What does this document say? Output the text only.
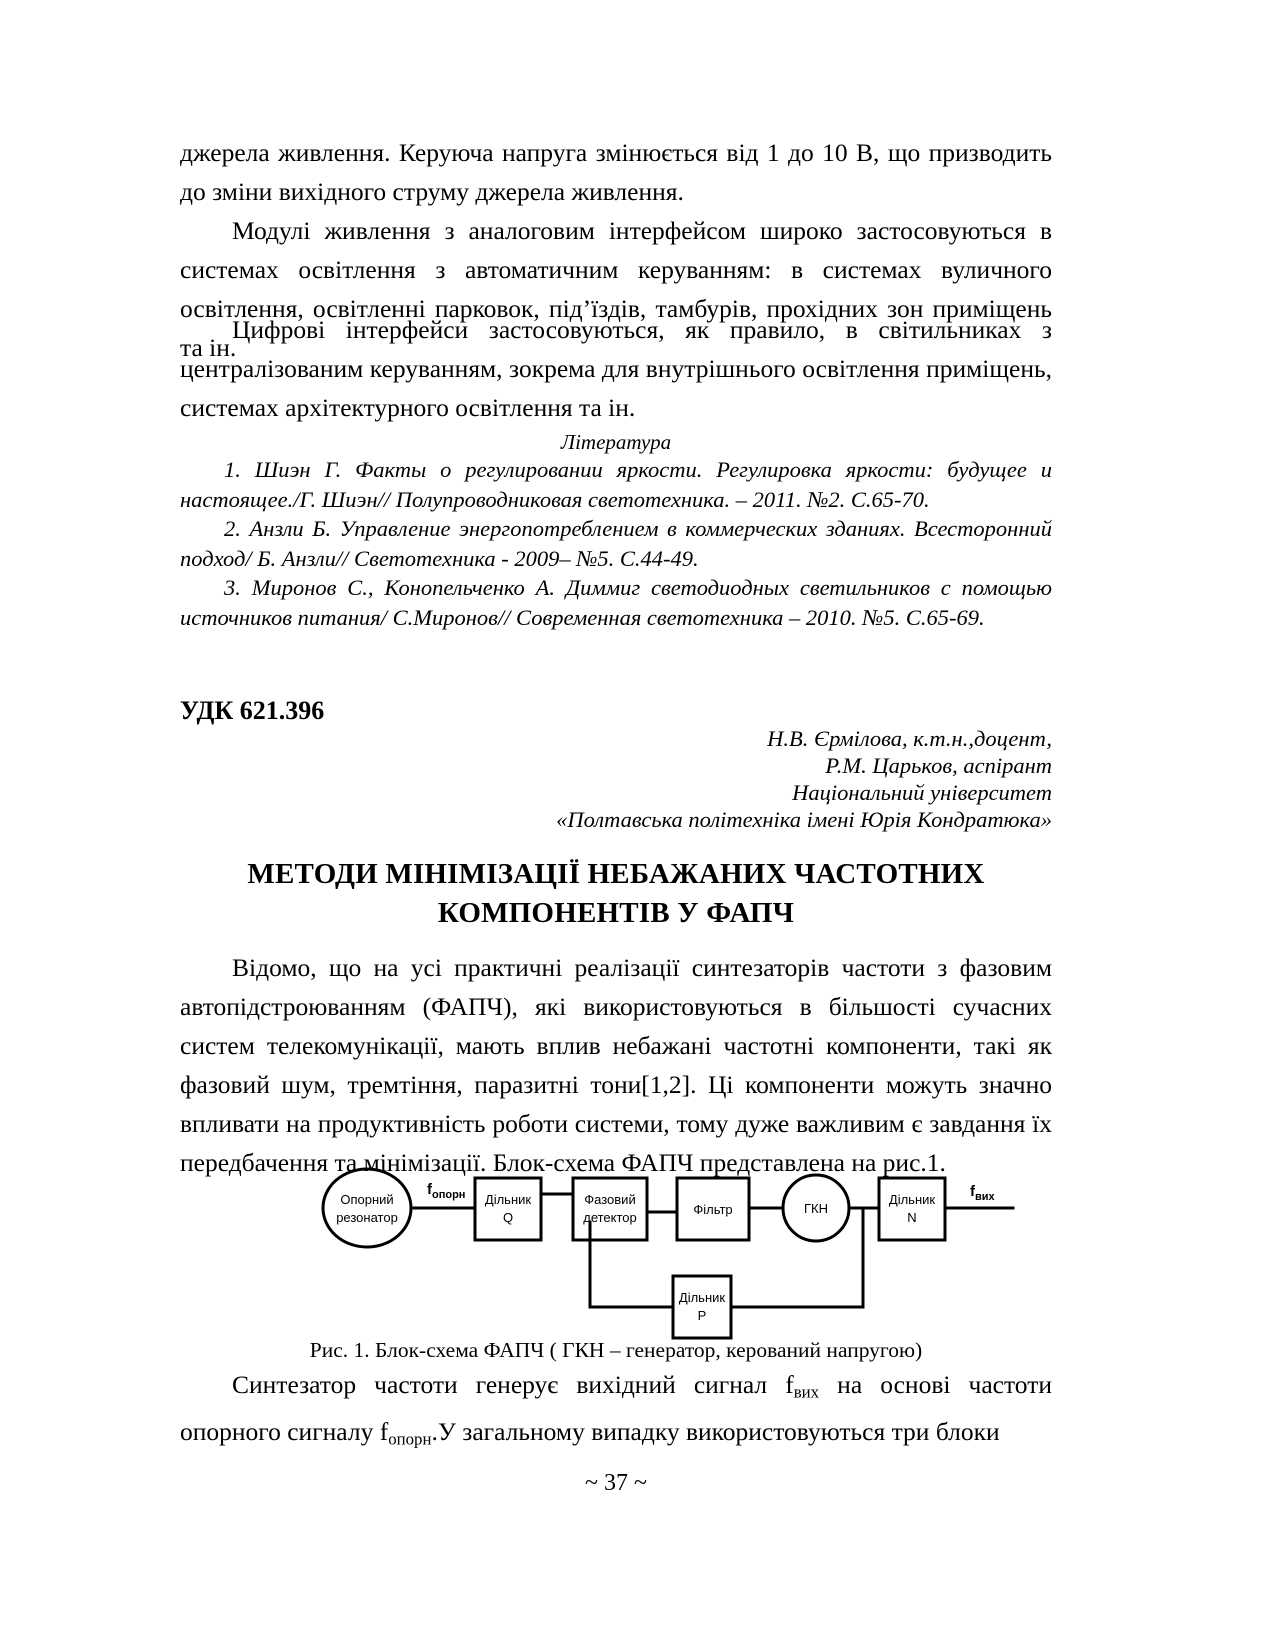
джерела живлення. Керуюча напруга змінюється від 1 до 10 В, що призводить до зміни вихідного струму джерела живлення.

Модулі живлення з аналоговим інтерфейсом широко застосовуються в системах освітлення з автоматичним керуванням: в системах вуличного освітлення, освітленні парковок, під’їздів, тамбурів, прохідних зон приміщень та ін.

Цифрові інтерфейси застосовуються, як правило, в світильниках з централізованим керуванням, зокрема для внутрішнього освітлення приміщень, системах архітектурного освітлення та ін.

Література

1. Шиэн Г. Факты о регулировании яркости. Регулировка яркости: будущее и настоящее./Г. Шиэн// Полупроводниковая светотехника. – 2011. №2. С.65-70.

2. Анзли Б. Управление энергопотреблением в коммерческих зданиях. Всесторонний подход/ Б. Анзли// Светотехника - 2009– №5. С.44-49.

3. Миронов С., Конопельченко А. Диммиг светодиодных светильников с помощью источников питания/ С.Миронов// Современная светотехника – 2010. №5. С.65-69.

УДК 621.396
Н.В. Єрмілова, к.т.н.,доцент,
Р.М. Царьков, аспірант
Національний університет
«Полтавська політехніка імені Юрія Кондратюка»
МЕТОДИ МІНІМІЗАЦІЇ НЕБАЖАНИХ ЧАСТОТНИХ
КОМПОНЕНТІВ У ФАПЧ

Відомо, що на усі практичні реалізації синтезаторів частоти з фазовим автопідстроюванням (ФАПЧ), які використовуються в більшості сучасних систем телекомунікації, мають вплив небажані частотні компоненти, такі як фазовий шум, тремтіння, паразитні тони[1,2]. Ці компоненти можуть значно впливати на продуктивність роботи системи, тому дуже важливим є завдання їх передбачення та мінімізації. Блок-схема ФАПЧ представлена на рис.1.

Опорний
резонатор
Дільник
Q
Фазовий
детектор
Фільтр	ГКН
Дільник
N
Дільник
Р
$f_{опорн}$	$f_{вих}$
Рис. 1. Блок-схема ФАПЧ ( ГКН – генератор, керований напругою)

Синтезатор частоти генерує вихідний сигнал $f_{вих}$ на основі частоти опорного сигналу $f_{опорн}.У$ загальному випадку використовуються три блоки

~ 37 ~
